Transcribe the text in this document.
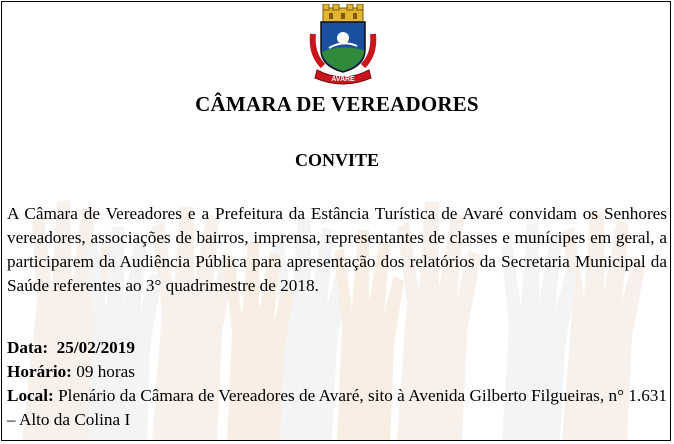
AVARÉ
CÂMARA DE VEREADORES
CONVITE
A Câmara de Vereadores e a Prefeitura da Estância Turística de Avaré convidam os Senhores vereadores, associações de bairros, imprensa, representantes de classes e munícipes em geral, a participarem da Audiência Pública para apresentação dos relatórios da Secretaria Municipal da Saúde referentes ao 3° quadrimestre de 2018.
Data: 25/02/2019
Horário: 09 horas
Local: Plenário da Câmara de Vereadores de Avaré, sito à Avenida Gilberto Filgueiras, n° 1.631 – Alto da Colina I
